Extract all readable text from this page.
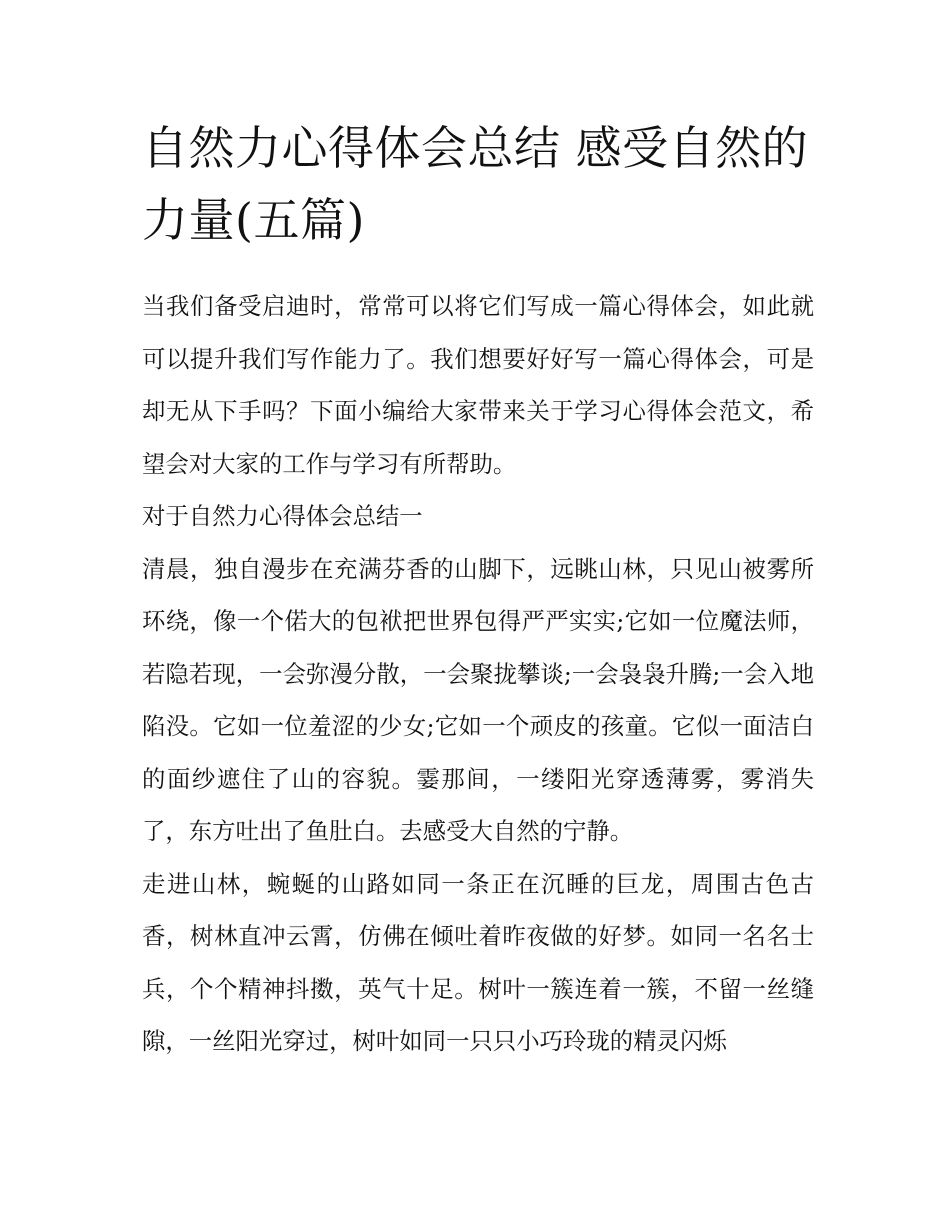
自然力心得体会总结 感受自然的力量(五篇)

当我们备受启迪时，常常可以将它们写成一篇心得体会，如此就可以提升我们写作能力了。我们想要好好写一篇心得体会，可是却无从下手吗？下面小编给大家带来关于学习心得体会范文，希望会对大家的工作与学习有所帮助。

对于自然力心得体会总结一

清晨，独自漫步在充满芬香的山脚下，远眺山林，只见山被雾所环绕，像一个偌大的包袱把世界包得严严实实;它如一位魔法师，若隐若现，一会弥漫分散，一会聚拢攀谈;一会袅袅升腾;一会入地陷没。它如一位羞涩的少女;它如一个顽皮的孩童。它似一面洁白的面纱遮住了山的容貌。霎那间，一缕阳光穿透薄雾，雾消失了，东方吐出了鱼肚白。去感受大自然的宁静。

走进山林，蜿蜒的山路如同一条正在沉睡的巨龙，周围古色古香，树林直冲云霄，仿佛在倾吐着昨夜做的好梦。如同一名名士兵，个个精神抖擞，英气十足。树叶一簇连着一簇，不留一丝缝隙，一丝阳光穿过，树叶如同一只只小巧玲珑的精灵闪烁
